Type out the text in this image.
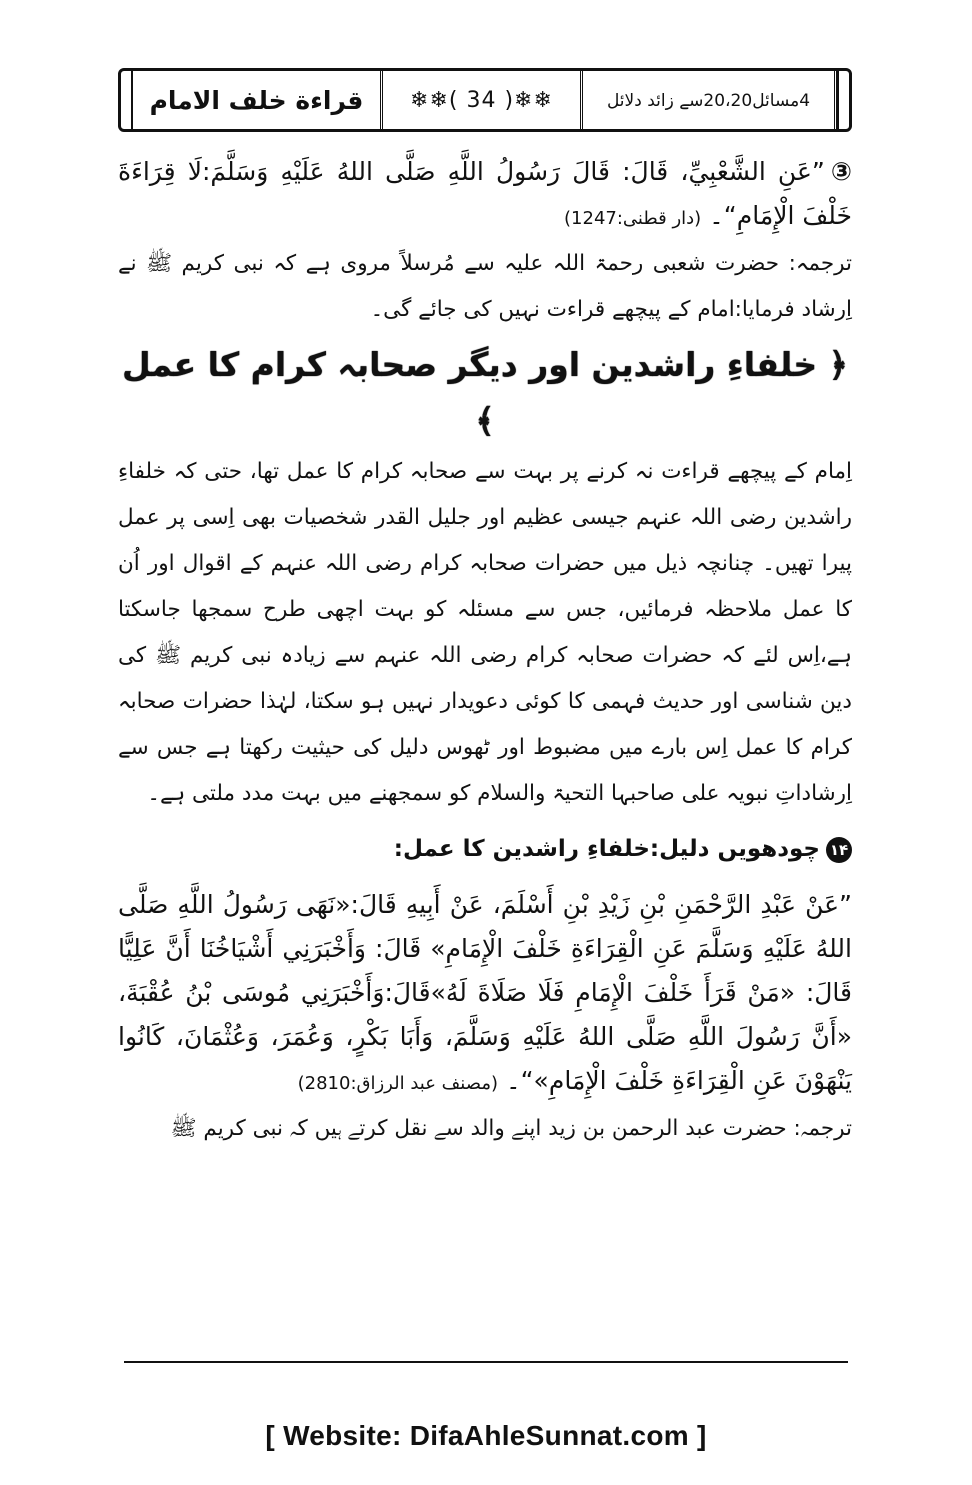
قراءة خلف الامام	❄❄( 34 )❄❄	4مسائل20،20سے زائد دلائل

③”عَنِ الشَّعْبِيِّ، قَالَ: قَالَ رَسُولُ اللَّهِ صَلَّى اللهُ عَلَيْهِ وَسَلَّمَ:لَا قِرَاءَةَ خَلْفَ الْإِمَامِ“۔ (دار قطنی:1247)

ترجمہ: حضرت شعبی رحمۃ اللہ علیہ سے مُرسلاً مروی ہے کہ نبی کریم ﷺ نے اِرشاد فرمایا:امام کے پیچھے قراءت نہیں کی جائے گی۔

﴿ خلفاءِ راشدین اور دیگر صحابہ کرام کا عمل ﴾

اِمام کے پیچھے قراءت نہ کرنے پر بہت سے صحابہ کرام کا عمل تھا، حتی کہ خلفاءِ راشدین رضی اللہ عنہم جیسی عظیم اور جلیل القدر شخصیات بھی اِسی پر عمل پیرا تھیں۔ چنانچہ ذیل میں حضرات صحابہ کرام رضی اللہ عنہم کے اقوال اور اُن کا عمل ملاحظہ فرمائیں، جس سے مسئلہ کو بہت اچھی طرح سمجھا جاسکتا ہے،اِس لئے کہ حضرات صحابہ کرام رضی اللہ عنہم سے زیادہ نبی کریم ﷺ کی دین شناسی اور حدیث فہمی کا کوئی دعویدار نہیں ہو سکتا، لہٰذا حضرات صحابہ کرام کا عمل اِس بارے میں مضبوط اور ٹھوس دلیل کی حیثیت رکھتا ہے جس سے اِرشاداتِ نبویہ علی صاحبہا التحیۃ والسلام کو سمجھنے میں بہت مدد ملتی ہے۔

۱۴چودھویں دلیل:خلفاءِ راشدین کا عمل:

”عَنْ عَبْدِ الرَّحْمَنِ بْنِ زَيْدِ بْنِ أَسْلَمَ، عَنْ أَبِيهِ قَالَ:«نَهَى رَسُولُ اللَّهِ صَلَّى اللهُ عَلَيْهِ وَسَلَّمَ عَنِ الْقِرَاءَةِ خَلْفَ الْإِمَامِ» قَالَ: وَأَخْبَرَنِي أَشْيَاخُنَا أَنَّ عَلِيًّا قَالَ: «مَنْ قَرَأَ خَلْفَ الْإِمَامِ فَلَا صَلَاةَ لَهُ»قَالَ:وَأَخْبَرَنِي مُوسَى بْنُ عُقْبَةَ، «أَنَّ رَسُولَ اللَّهِ صَلَّى اللهُ عَلَيْهِ وَسَلَّمَ، وَأَبَا بَكْرٍ، وَعُمَرَ، وَعُثْمَانَ، كَانُوا يَنْهَوْنَ عَنِ الْقِرَاءَةِ خَلْفَ الْإِمَامِ»“۔ (مصنف عبد الرزاق:2810)

ترجمہ: حضرت عبد الرحمن بن زید اپنے والد سے نقل کرتے ہیں کہ نبی کریم ﷺ

[ Website: DifaAhleSunnat.com ]
